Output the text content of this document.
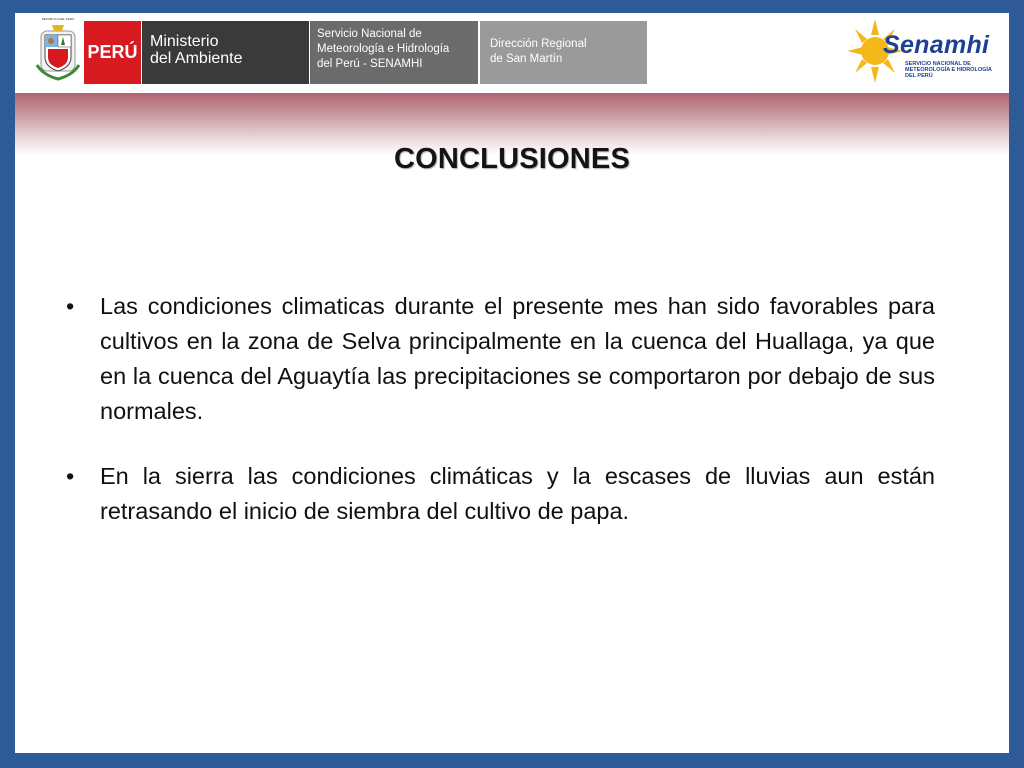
REPÚBLICA DEL PERÚ
PERÚ
Ministerio
del Ambiente
Servicio Nacional de
Meteorología e Hidrología
del Perú - SENAMHI
Dirección Regional
de San Martín	Senamhi
SERVICIO NACIONAL DE METEOROLOGÍA E HIDROLOGÍA DEL PERÚ
CONCLUSIONES
• Las condiciones climaticas durante el presente mes han sido favorables para cultivos en la zona de Selva principalmente en la cuenca del Huallaga, ya que en la cuenca del Aguaytía las precipitaciones se comportaron por debajo de sus normales.
• En la sierra las condiciones climáticas y la escases de lluvias aun están retrasando el inicio de siembra del cultivo de papa.
